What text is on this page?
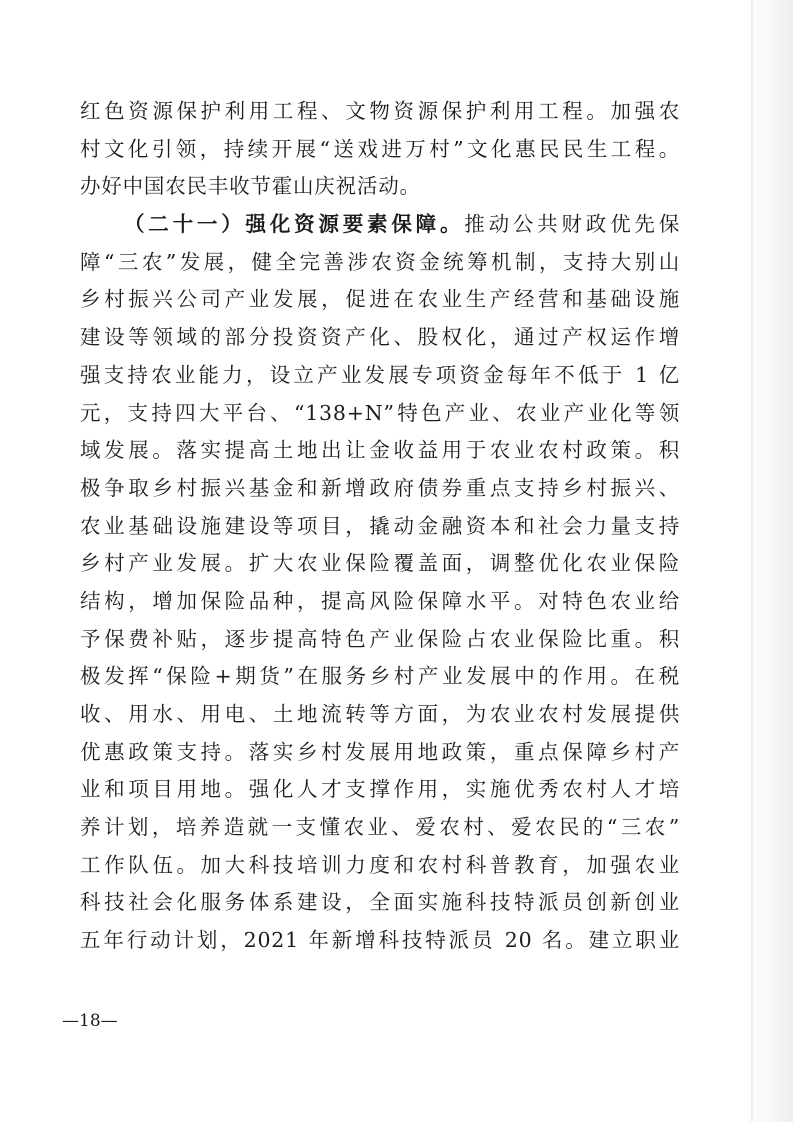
红色资源保护利用工程、文物资源保护利用工程。加强农
村文化引领，持续开展“送戏进万村”文化惠民民生工程。
办好中国农民丰收节霍山庆祝活动。
（二十一）强化资源要素保障。推动公共财政优先保
障“三农”发展，健全完善涉农资金统筹机制，支持大别山
乡村振兴公司产业发展，促进在农业生产经营和基础设施
建设等领域的部分投资资产化、股权化，通过产权运作增
强支持农业能力，设立产业发展专项资金每年不低于 1 亿
元，支持四大平台、“138+N”特色产业、农业产业化等领
域发展。落实提高土地出让金收益用于农业农村政策。积
极争取乡村振兴基金和新增政府债券重点支持乡村振兴、
农业基础设施建设等项目，撬动金融资本和社会力量支持
乡村产业发展。扩大农业保险覆盖面，调整优化农业保险
结构，增加保险品种，提高风险保障水平。对特色农业给
予保费补贴，逐步提高特色产业保险占农业保险比重。积
极发挥“保险+期货”在服务乡村产业发展中的作用。在税
收、用水、用电、土地流转等方面，为农业农村发展提供
优惠政策支持。落实乡村发展用地政策，重点保障乡村产
业和项目用地。强化人才支撑作用，实施优秀农村人才培
养计划，培养造就一支懂农业、爱农村、爱农民的“三农”
工作队伍。加大科技培训力度和农村科普教育，加强农业
科技社会化服务体系建设，全面实施科技特派员创新创业
五年行动计划，2021 年新增科技特派员 20 名。建立职业
—18—
